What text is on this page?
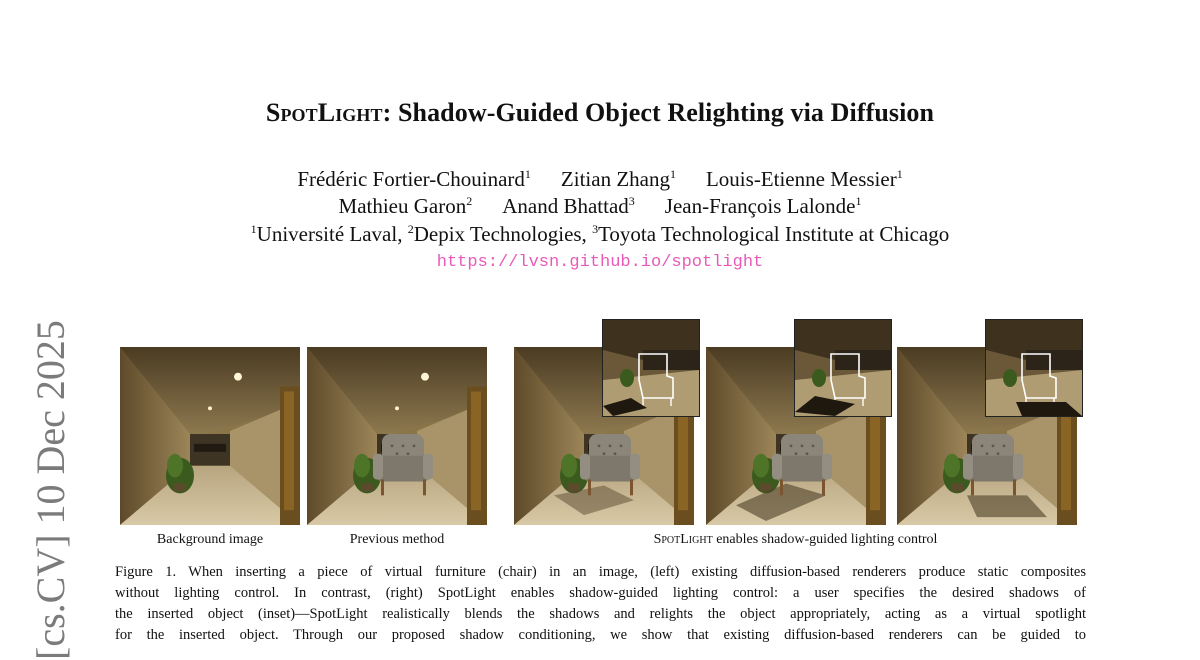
SpotLight: Shadow-Guided Object Relighting via Diffusion
Frédéric Fortier-Chouinard$^1$ Zitian Zhang$^1$ Louis-Etienne Messier$^1$
Mathieu Garon$^2$ Anand Bhattad$^3$ Jean-François Lalonde$^1$
$^1$Université Laval, $^2$Depix Technologies, $^3$Toyota Technological Institute at Chicago
https://lvsn.github.io/spotlight
[cs.CV] 10 Dec 2025	Background image	Previous method	SpotLight enables shadow-guided lighting control
Figure 1. When inserting a piece of virtual furniture (chair) in an image, (left) existing diffusion-based renderers produce static composites
without lighting control. In contrast, (right) SpotLight enables shadow-guided lighting control: a user specifies the desired shadows of
the inserted object (inset)—SpotLight realistically blends the shadows and relights the object appropriately, acting as a virtual spotlight
for the inserted object. Through our proposed shadow conditioning, we show that existing diffusion-based renderers can be guided to
